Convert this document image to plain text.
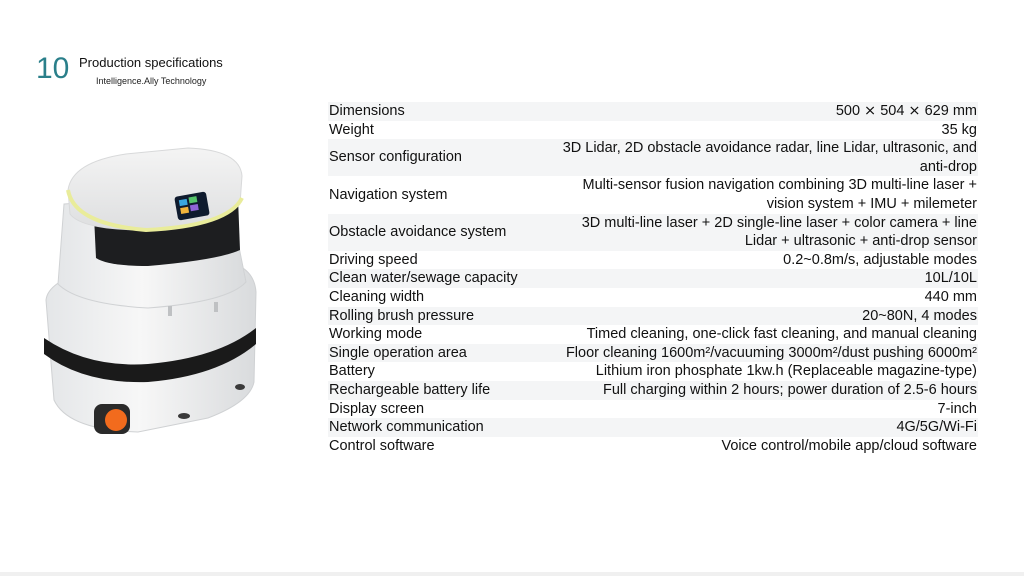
10 Production specifications
Intelligence.Ally Technology
Dimensions	500 ⨯ 504 ⨯ 629 mm
Weight	35 kg
Sensor configuration	3D Lidar, 2D obstacle avoidance radar, line Lidar, ultrasonic, and anti-drop
Navigation system	Multi-sensor fusion navigation combining 3D multi-line laser + vision system + IMU + milemeter
Obstacle avoidance system	3D multi-line laser + 2D single-line laser + color camera + line Lidar + ultrasonic + anti-drop sensor
Driving speed	0.2~0.8m/s, adjustable modes
Clean water/sewage capacity	10L/10L
Cleaning width	440 mm
Rolling brush pressure	20~80N, 4 modes
Working mode	Timed cleaning, one-click fast cleaning, and manual cleaning
Single operation area	Floor cleaning 1600m²/vacuuming 3000m²/dust pushing 6000m²
Battery	Lithium iron phosphate 1kw.h (Replaceable magazine-type)
Rechargeable battery life	Full charging within 2 hours; power duration of 2.5-6 hours
Display screen	7-inch
Network communication	4G/5G/Wi-Fi
Control software	Voice control/mobile app/cloud software
